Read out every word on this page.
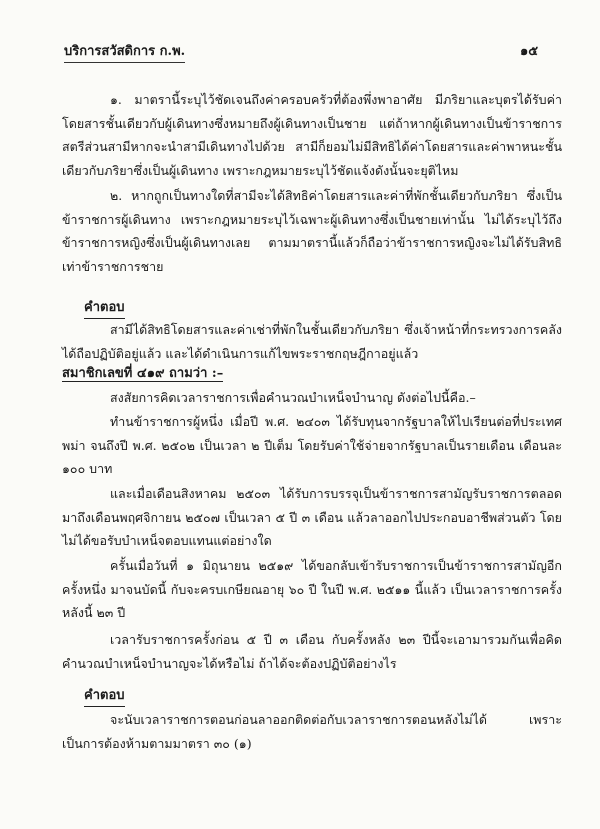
บริการสวัสดิการ ก.พ.	๑๕

๑. มาตรานี้ระบุไว้ชัดเจนถึงค่าครอบครัวที่ต้องพึ่งพาอาศัย มีภริยาและบุตรได้รับค่าโดยสารชั้นเดียวกับผู้เดินทางซึ่งหมายถึงผู้เดินทางเป็นชาย แต่ถ้าหากผู้เดินทางเป็นข้าราชการสตรีส่วนสามีหากจะนำสามีเดินทางไปด้วย สามีก็ยอมไม่มีสิทธิได้ค่าโดยสารและค่าพาหนะชั้นเดียวกับภริยาซึ่งเป็นผู้เดินทาง เพราะกฎหมายระบุไว้ชัดแจ้งดังนั้นจะยุติไหม

๒. หากถูกเป็นทางใดที่สามีจะได้สิทธิค่าโดยสารและค่าที่พักชั้นเดียวกับภริยา ซึ่งเป็นข้าราชการผู้เดินทาง เพราะกฎหมายระบุไว้เฉพาะผู้เดินทางซึ่งเป็นชายเท่านั้น ไม่ได้ระบุไว้ถึงข้าราชการหญิงซึ่งเป็นผู้เดินทางเลย ตามมาตรานี้แล้วก็ถือว่าข้าราชการหญิงจะไม่ได้รับสิทธิเท่าข้าราชการชาย

คำตอบ

สามีได้สิทธิโดยสารและค่าเช่าที่พักในชั้นเดียวกับภริยา ซึ่งเจ้าหน้าที่กระทรวงการคลังได้ถือปฏิบัติอยู่แล้ว และได้ดำเนินการแก้ไขพระราชกฤษฎีกาอยู่แล้ว

สมาชิกเลขที่ ๔๑๙ ถามว่า :–

สงสัยการคิดเวลาราชการเพื่อคำนวณบำเหน็จบำนาญ ดังต่อไปนี้คือ.–

ทำนข้าราชการผู้หนึ่ง เมื่อปี พ.ศ. ๒๔๐๓ ได้รับทุนจากรัฐบาลให้ไปเรียนต่อที่ประเทศพม่า จนถึงปี พ.ศ. ๒๕๐๒ เป็นเวลา ๒ ปีเต็ม โดยรับค่าใช้จ่ายจากรัฐบาลเป็นรายเดือน เดือนละ ๑๐๐ บาท

และเมื่อเดือนสิงหาคม ๒๕๐๓ ได้รับการบรรจุเป็นข้าราชการสามัญรับราชการตลอดมาถึงเดือนพฤศจิกายน ๒๕๐๗ เป็นเวลา ๕ ปี ๓ เดือน แล้วลาออกไปประกอบอาชีพส่วนตัว โดยไม่ได้ขอรับบำเหน็จตอบแทนแต่อย่างใด

ครั้นเมื่อวันที่ ๑ มิถุนายน ๒๕๑๙ ได้ขอกลับเข้ารับราชการเป็นข้าราชการสามัญอีกครั้งหนึ่ง มาจนบัดนี้ กับจะครบเกษียณอายุ ๖๐ ปี ในปี พ.ศ. ๒๕๑๑ นี้แล้ว เป็นเวลาราชการครั้งหลังนี้ ๒๓ ปี

เวลารับราชการครั้งก่อน ๕ ปี ๓ เดือน กับครั้งหลัง ๒๓ ปีนี้จะเอามารวมกันเพื่อคิดคำนวณบำเหน็จบำนาญจะได้หรือไม่ ถ้าได้จะต้องปฏิบัติอย่างไร

คำตอบ

จะนับเวลาราชการตอนก่อนลาออกติดต่อกับเวลาราชการตอนหลังไม่ได้ เพราะเป็นการต้องห้ามตามมาตรา ๓๐ (๑)
